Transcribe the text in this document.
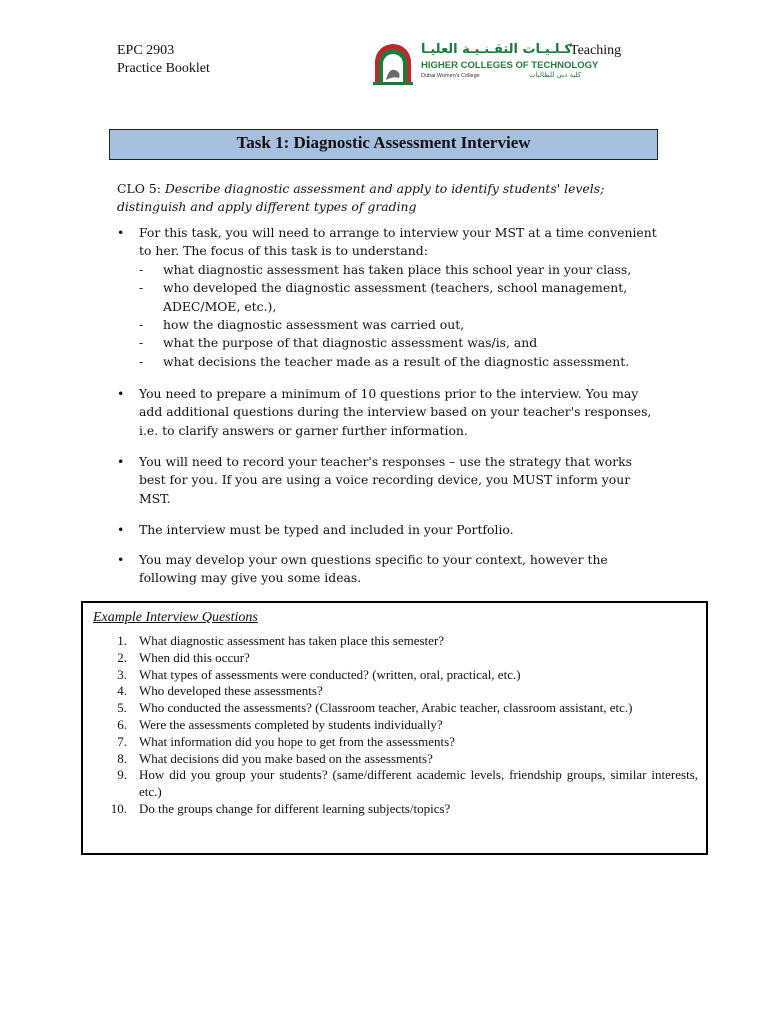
EPC 2903
Practice Booklet
كـلـيـات التقـنـيـة العليـا
HIGHER COLLEGES OF TECHNOLOGY
Dubai Women's College	كلية دبي للطالبات
Teaching
Task 1: Diagnostic Assessment Interview
CLO 5: Describe diagnostic assessment and apply to identify students' levels; distinguish and apply different types of grading
• For this task, you will need to arrange to interview your MST at a time convenient to her. The focus of this task is to understand:
- what diagnostic assessment has taken place this school year in your class,
- who developed the diagnostic assessment (teachers, school management, ADEC/MOE, etc.),
- how the diagnostic assessment was carried out,
- what the purpose of that diagnostic assessment was/is, and
- what decisions the teacher made as a result of the diagnostic assessment.
• You need to prepare a minimum of 10 questions prior to the interview. You may add additional questions during the interview based on your teacher's responses, i.e. to clarify answers or garner further information.
• You will need to record your teacher's responses – use the strategy that works best for you. If you are using a voice recording device, you MUST inform your MST.
• The interview must be typed and included in your Portfolio.
• You may develop your own questions specific to your context, however the following may give you some ideas.
Example Interview Questions
1. What diagnostic assessment has taken place this semester?
2. When did this occur?
3. What types of assessments were conducted? (written, oral, practical, etc.)
4. Who developed these assessments?
5. Who conducted the assessments? (Classroom teacher, Arabic teacher, classroom assistant, etc.)
6. Were the assessments completed by students individually?
7. What information did you hope to get from the assessments?
8. What decisions did you make based on the assessments?
9. How did you group your students? (same/different academic levels, friendship groups, similar interests, etc.)
10. Do the groups change for different learning subjects/topics?
